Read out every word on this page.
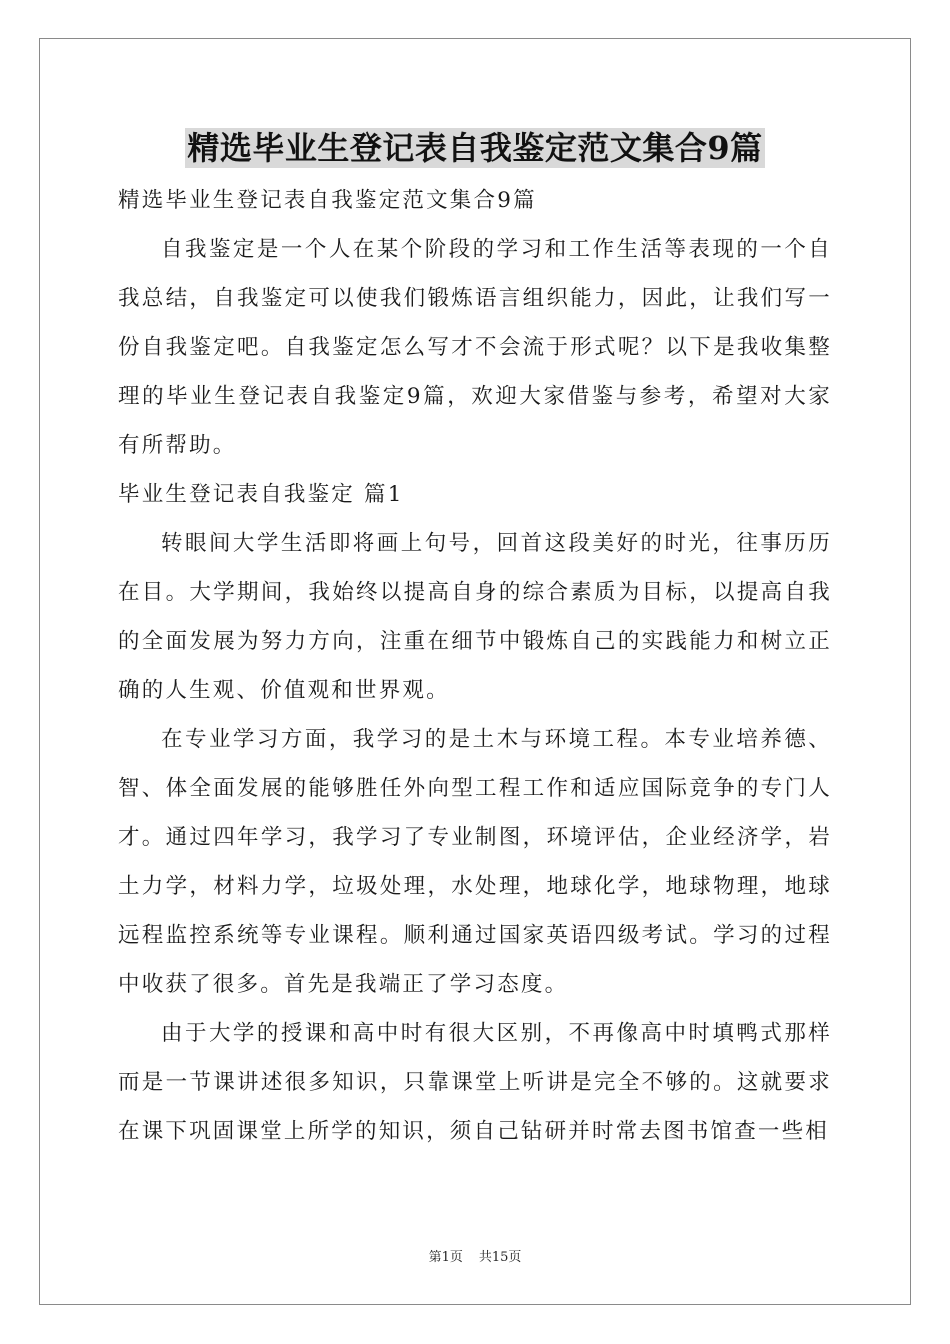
精选毕业生登记表自我鉴定范文集合9篇

精选毕业生登记表自我鉴定范文集合9篇

自我鉴定是一个人在某个阶段的学习和工作生活等表现的一个自我总结，自我鉴定可以使我们锻炼语言组织能力，因此，让我们写一份自我鉴定吧。自我鉴定怎么写才不会流于形式呢？以下是我收集整理的毕业生登记表自我鉴定9篇，欢迎大家借鉴与参考，希望对大家有所帮助。

毕业生登记表自我鉴定 篇1

转眼间大学生活即将画上句号，回首这段美好的时光，往事历历在目。大学期间，我始终以提高自身的综合素质为目标，以提高自我的全面发展为努力方向，注重在细节中锻炼自己的实践能力和树立正确的人生观、价值观和世界观。

在专业学习方面，我学习的是土木与环境工程。本专业培养德、智、体全面发展的能够胜任外向型工程工作和适应国际竞争的专门人才。通过四年学习，我学习了专业制图，环境评估，企业经济学，岩土力学，材料力学，垃圾处理，水处理，地球化学，地球物理，地球远程监控系统等专业课程。顺利通过国家英语四级考试。学习的过程中收获了很多。首先是我端正了学习态度。

由于大学的授课和高中时有很大区别，不再像高中时填鸭式那样而是一节课讲述很多知识，只靠课堂上听讲是完全不够的。这就要求在课下巩固课堂上所学的知识，须自己钻研并时常去图书馆查一些相

第1页 共15页
